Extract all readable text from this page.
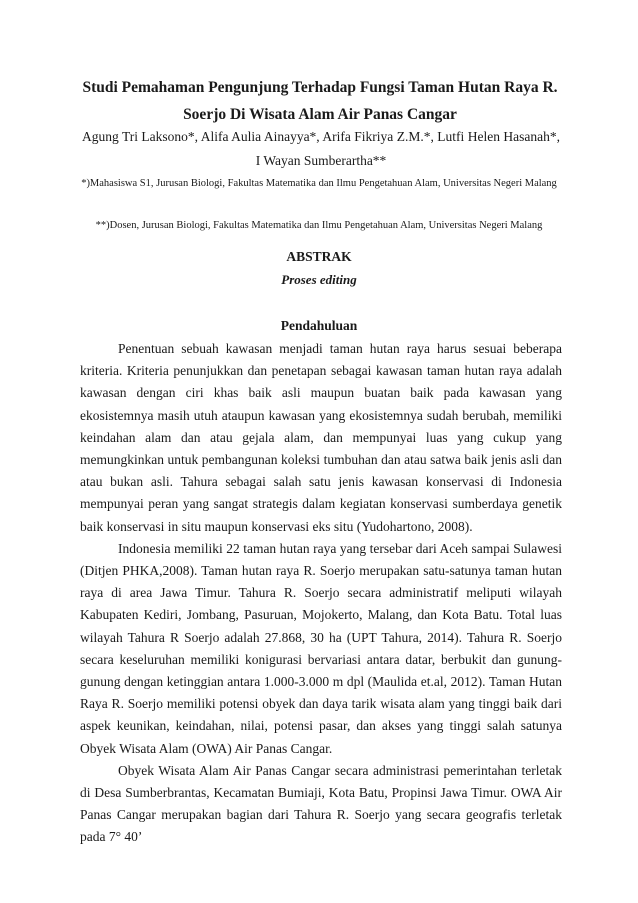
Studi Pemahaman Pengunjung Terhadap Fungsi Taman Hutan Raya R. Soerjo Di Wisata Alam Air Panas Cangar
Agung Tri Laksono*, Alifa Aulia Ainayya*, Arifa Fikriya Z.M.*, Lutfi Helen Hasanah*, I Wayan Sumberartha**
*)Mahasiswa S1, Jurusan Biologi, Fakultas Matematika dan Ilmu Pengetahuan Alam, Universitas Negeri Malang
**)Dosen, Jurusan Biologi, Fakultas Matematika dan Ilmu Pengetahuan Alam, Universitas Negeri Malang
ABSTRAK
Proses editing
Pendahuluan

Penentuan sebuah kawasan menjadi taman hutan raya harus sesuai beberapa kriteria. Kriteria penunjukkan dan penetapan sebagai kawasan taman hutan raya adalah kawasan dengan ciri khas baik asli maupun buatan baik pada kawasan yang ekosistemnya masih utuh ataupun kawasan yang ekosistemnya sudah berubah, memiliki keindahan alam dan atau gejala alam, dan mempunyai luas yang cukup yang memungkinkan untuk pembangunan koleksi tumbuhan dan atau satwa baik jenis asli dan atau bukan asli. Tahura sebagai salah satu jenis kawasan konservasi di Indonesia mempunyai peran yang sangat strategis dalam kegiatan konservasi sumberdaya genetik baik konservasi in situ maupun konservasi eks situ (Yudohartono, 2008).

Indonesia memiliki 22 taman hutan raya yang tersebar dari Aceh sampai Sulawesi (Ditjen PHKA,2008). Taman hutan raya R. Soerjo merupakan satu-satunya taman hutan raya di area Jawa Timur. Tahura R. Soerjo secara administratif meliputi wilayah Kabupaten Kediri, Jombang, Pasuruan, Mojokerto, Malang, dan Kota Batu. Total luas wilayah Tahura R Soerjo adalah 27.868, 30 ha (UPT Tahura, 2014). Tahura R. Soerjo secara keseluruhan memiliki konigurasi bervariasi antara datar, berbukit dan gunung-gunung dengan ketinggian antara 1.000-3.000 m dpl (Maulida et.al, 2012). Taman Hutan Raya R. Soerjo memiliki potensi obyek dan daya tarik wisata alam yang tinggi baik dari aspek keunikan, keindahan, nilai, potensi pasar, dan akses yang tinggi salah satunya Obyek Wisata Alam (OWA) Air Panas Cangar.

Obyek Wisata Alam Air Panas Cangar secara administrasi pemerintahan terletak di Desa Sumberbrantas, Kecamatan Bumiaji, Kota Batu, Propinsi Jawa Timur. OWA Air Panas Cangar merupakan bagian dari Tahura R. Soerjo yang secara geografis terletak pada 7° 40’
